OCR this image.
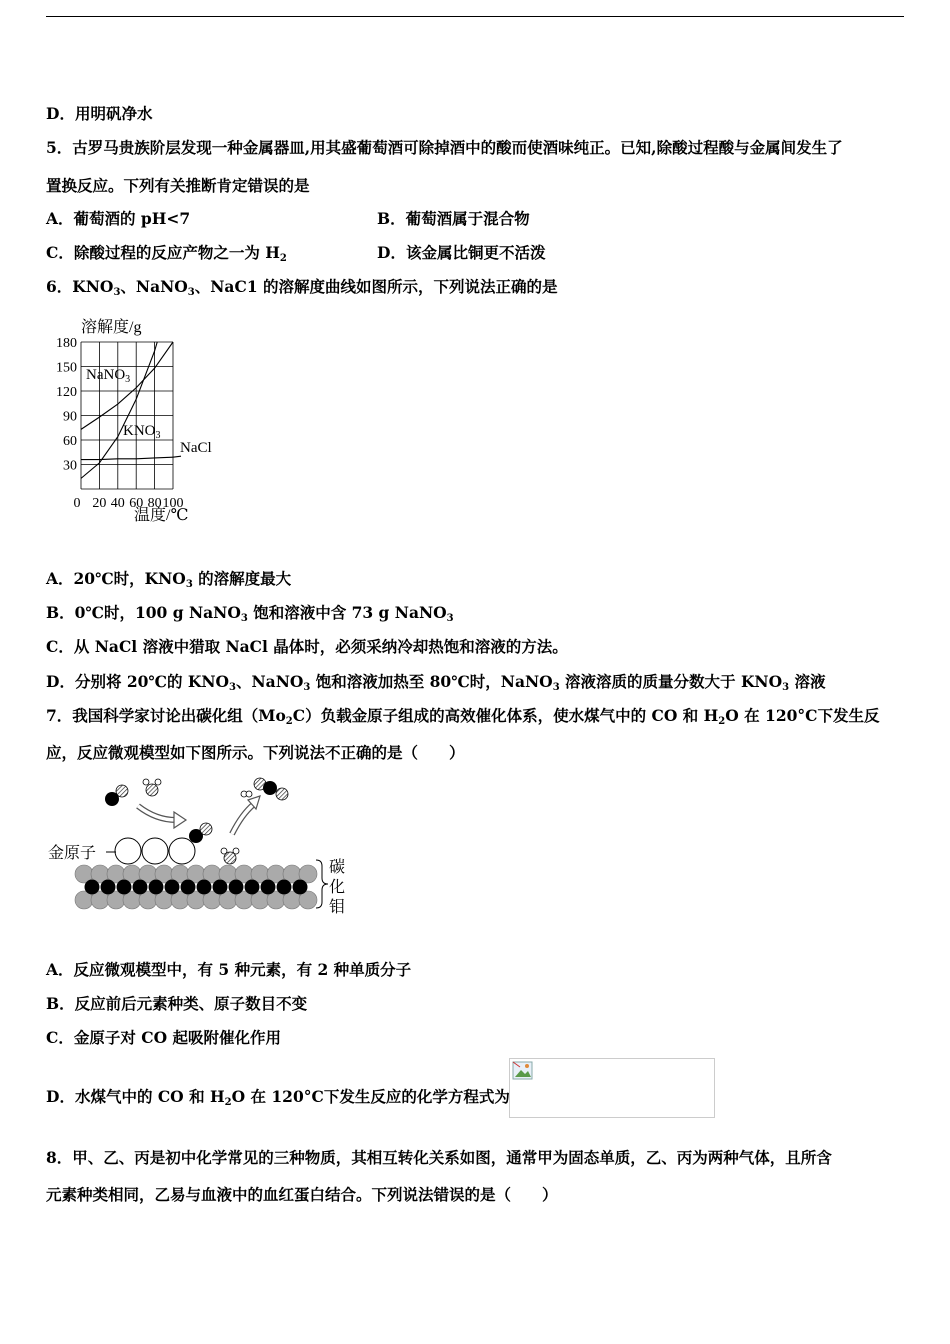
D．用明矾净水
5．古罗马贵族阶层发现一种金属器皿,用其盛葡萄酒可除掉酒中的酸而使酒味纯正。已知,除酸过程酸与金属间发生了
置换反应。下列有关推断肯定错误的是
A．葡萄酒的 pH<7	B．葡萄酒属于混合物
C．除酸过程的反应产物之一为 $H_2$	D．该金属比铜更不活泼
6．$KNO_3$、NaNO$_3$、NaC1 的溶解度曲线如图所示，下列说法正确的是
溶解度/g
180
150
120
90
60
30
0 20 40 60 80 100
NaNO$_3$
$KNO_3$
NaCl
温度/℃
A．20℃时，$KNO_3$ 的溶解度最大
B．0℃时，100 g NaNO$_3$ 饱和溶液中含 73 g NaNO$_3$
C．从 NaCl 溶液中猎取 NaCl 晶体时，必须采纳冷却热饱和溶液的方法。
D．分别将 20℃的 $KNO_3$、NaNO$_3$ 饱和溶液加热至 80℃时，NaNO$_3$ 溶液溶质的质量分数大于 $KNO_3$ 溶液
7．我国科学家讨论出碳化组$(Mo_2C)$负载金原子组成的高效催化体系，使水煤气中的 CO 和 $H_2O$ 在 120°C下发生反
应，反应微观模型如下图所示。下列说法不正确的是（　　）
金原子
碳
化
钼
A．反应微观模型中，有 5 种元素，有 2 种单质分子
B．反应前后元素种类、原子数目不变
C．金原子对 CO 起吸附催化作用
D．水煤气中的 CO 和 $H_2O$ 在 120°C下发生反应的化学方程式为
8．甲、乙、丙是初中化学常见的三种物质，其相互转化关系如图，通常甲为固态单质，乙、丙为两种气体，且所含
元素种类相同，乙易与血液中的血红蛋白结合。下列说法错误的是（　　）
